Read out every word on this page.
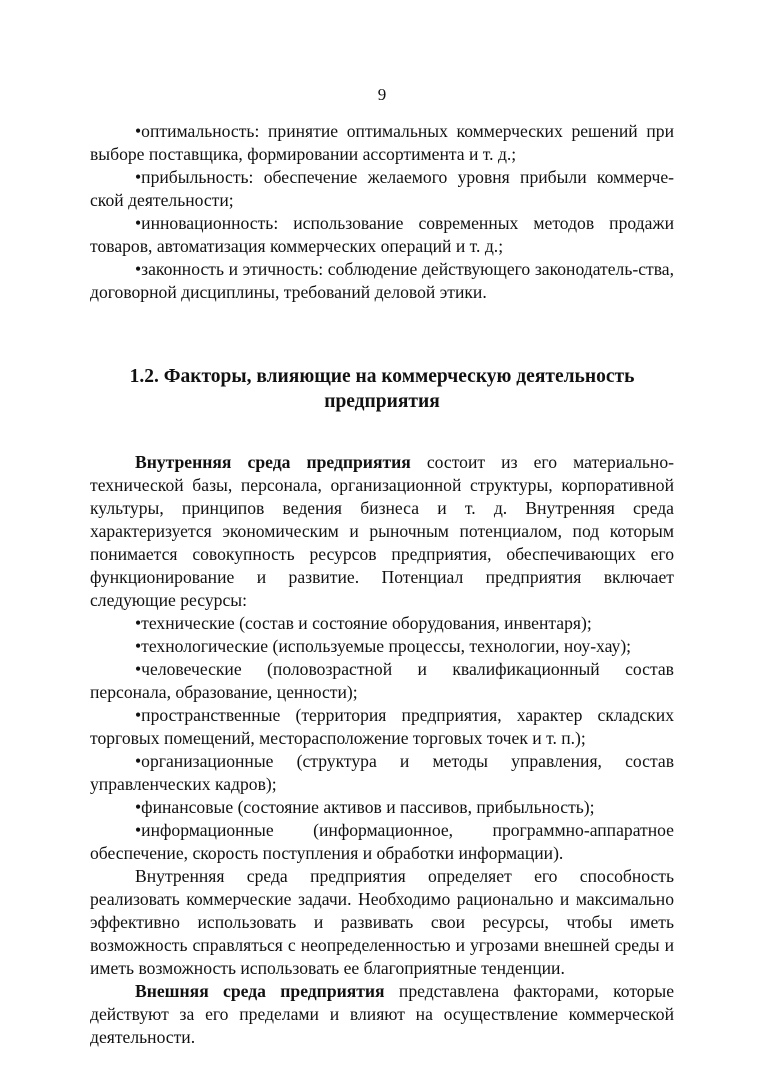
9

• оптимальность: принятие оптимальных коммерческих решений при выборе поставщика, формировании ассортимента и т. д.;

• прибыльность: обеспечение желаемого уровня прибыли коммерче-ской деятельности;

• инновационность: использование современных методов продажи товаров, автоматизация коммерческих операций и т. д.;

• законность и этичность: соблюдение действующего законодатель-ства, договорной дисциплины, требований деловой этики.

1.2. Факторы, влияющие на коммерческую деятельность
предприятия

Внутренняя среда предприятия состоит из его материально-технической базы, персонала, организационной структуры, корпоративной культуры, принципов ведения бизнеса и т. д. Внутренняя среда характеризуется экономическим и рыночным потенциалом, под которым понимается совокупность ресурсов предприятия, обеспечивающих его функционирование и развитие. Потенциал предприятия включает следующие ресурсы:

• технические (состав и состояние оборудования, инвентаря);

• технологические (используемые процессы, технологии, ноу-хау);

• человеческие (половозрастной и квалификационный состав персонала, образование, ценности);

• пространственные (территория предприятия, характер складских торговых помещений, месторасположение торговых точек и т. п.);

• организационные (структура и методы управления, состав управленческих кадров);

• финансовые (состояние активов и пассивов, прибыльность);

• информационные (информационное, программно-аппаратное обеспечение, скорость поступления и обработки информации).

Внутренняя среда предприятия определяет его способность реализовать коммерческие задачи. Необходимо рационально и максимально эффективно использовать и развивать свои ресурсы, чтобы иметь возможность справляться с неопределенностью и угрозами внешней среды и иметь возможность использовать ее благоприятные тенденции.

Внешняя среда предприятия представлена факторами, которые действуют за его пределами и влияют на осуществление коммерческой деятельности.
